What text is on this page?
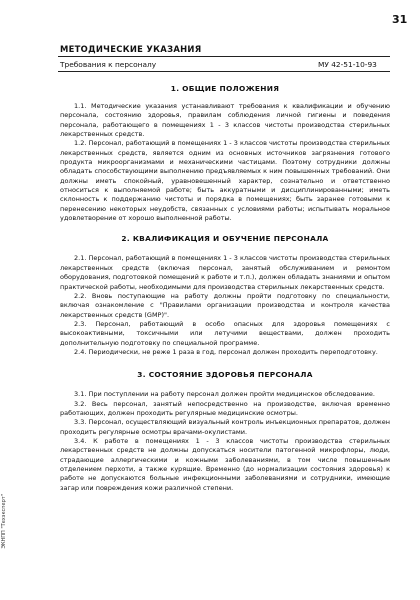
31
МЕТОДИЧЕСКИЕ УКАЗАНИЯ
Требования к персоналу	МУ 42-51-10-93
1. ОБЩИЕ ПОЛОЖЕНИЯ

1.1. Методические указания устанавливают требования к квалификации и обучению персонала, состоянию здоровья, правилам соблюдения личной гигиены и поведения персонала, работающего в помещениях 1 - 3 классов чистоты производства стерильных лекарственных средств.

1.2. Персонал, работающий в помещениях 1 - 3 классов чистоты производства стерильных лекарственных средств, является одним из основных источников загрязнения готового продукта микроорганизмами и механическими частицами. Поэтому сотрудники должны обладать способствующими выполнению предъявляемых к ним повышенных требований. Они должны иметь спокойный, уравновешенный характер, сознательно и ответственно относиться к выполняемой работе; быть аккуратными и дисциплинированными; иметь склонность к поддержанию чистоты и порядка в помещениях; быть заранее готовыми к перенесению некоторых неудобств, связанных с условиями работы; испытывать моральное удовлетворение от хорошо выполненной работы.

2. КВАЛИФИКАЦИЯ И ОБУЧЕНИЕ ПЕРСОНАЛА

2.1. Персонал, работающий в помещениях 1 - 3 классов чистоты производства стерильных лекарственных средств (включая персонал, занятый обслуживанием и ремонтом оборудования, подготовкой помещений к работе и т.п.), должен обладать знаниями и опытом практической работы, необходимыми для производства стерильных лекарственных средств.

2.2. Вновь поступающие на работу должны пройти подготовку по специальности, включая ознакомление с "Правилами организации производства и контроля качества лекарственных средств (GMP)".

2.3. Персонал, работающий в особо опасных для здоровья помещениях с высокоактивными, токсичными или летучими веществами, должен проходить дополнительную подготовку по специальной программе.

2.4. Периодически, не реже 1 раза в год, персонал должен проходить переподготовку.

3. СОСТОЯНИЕ ЗДОРОВЬЯ ПЕРСОНАЛА

3.1. При поступлении на работу персонал должен пройти медицинское обследование.

3.2. Весь персонал, занятый непосредственно на производстве, включая временно работающих, должен проходить регулярные медицинские осмотры.

3.3. Персонал, осуществляющий визуальный контроль инъекционных препаратов, должен проходить регулярные осмотры врачами-окулистами.

3.4. К работе в помещениях 1 - 3 классов чистоты производства стерильных лекарственных средств не должны допускаться носители патогенной микрофлоры, люди, страдающие аллергическими и кожными заболеваниями, в том числе повышенным отделением перхоти, а также курящие. Временно (до нормализации состояния здоровья) к работе не допускаются больные инфекционными заболеваниями и сотрудники, имеющие загар или повреждения кожи различной степени.

ЭКНПП "Техэксперт"
